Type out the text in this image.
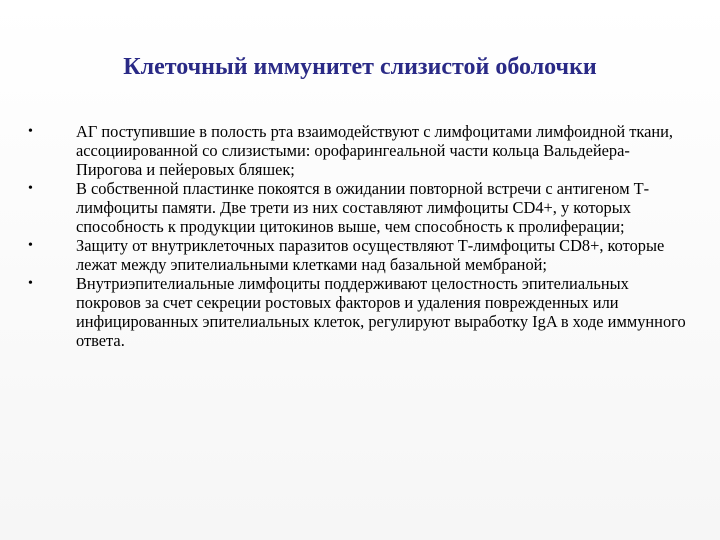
Клеточный иммунитет слизистой оболочки
•	АГ поступившие в полость рта взаимодействуют с лимфоцитами лимфоидной ткани, ассоциированной со слизистыми: орофарингеальной части кольца Вальдейера-Пирогова и пейеровых бляшек;
•	В собственной пластинке покоятся в ожидании повторной встречи с антигеном Т-лимфоциты памяти. Две трети из них составляют лимфоциты CD4+, у которых способность к продукции цитокинов выше, чем способность к пролиферации;
•	Защиту от внутриклеточных паразитов осуществляют Т-лимфоциты CD8+, которые лежат между эпителиальными клетками над базальной мембраной;
•	Внутриэпителиальные лимфоциты поддерживают целостность эпителиальных покровов за счет секреции ростовых факторов и удаления поврежденных или инфицированных эпителиальных клеток, регулируют выработку IgA в ходе иммунного ответа.
